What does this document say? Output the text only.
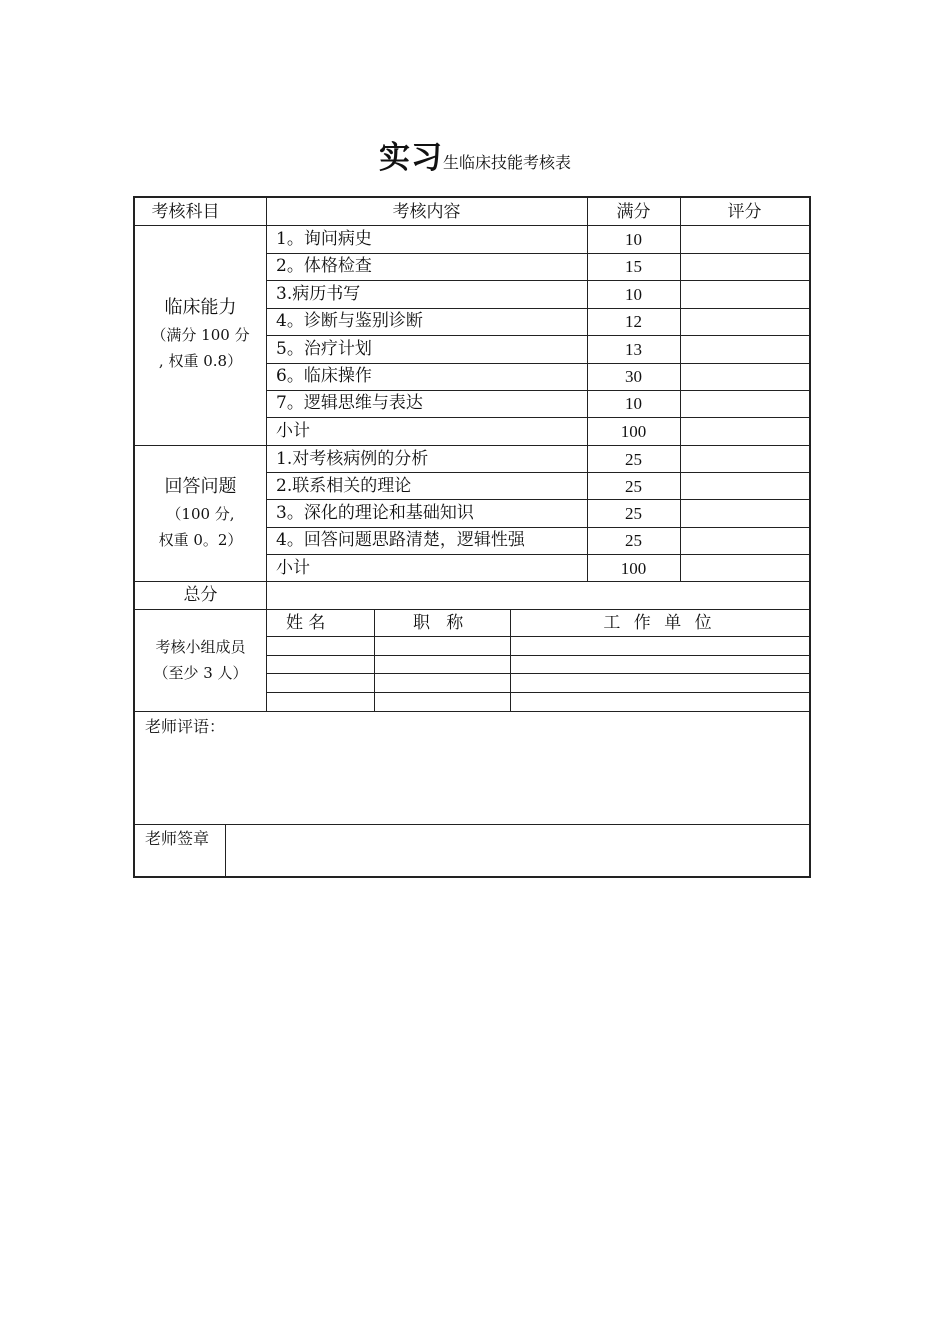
实习生临床技能考核表
考核科目	考核内容	满分	评分
临床能力
（满分 100 分
, 权重 0.8）
1。询问病史	10
2。体格检查	15
3.病历书写	10
4。诊断与鉴别诊断	12
5。治疗计划	13
6。临床操作	30
7。逻辑思维与表达	10
小计	100
回答问题
（100 分,
权重 0。2）
1.对考核病例的分析	25
2.联系相关的理论	25
3。深化的理论和基础知识	25
4。回答问题思路清楚，逻辑性强	25
小计	100
总分
考核小组成员
（至少 3 人）
姓 名	职   称	工 作 单 位
老师评语：
老师签章
